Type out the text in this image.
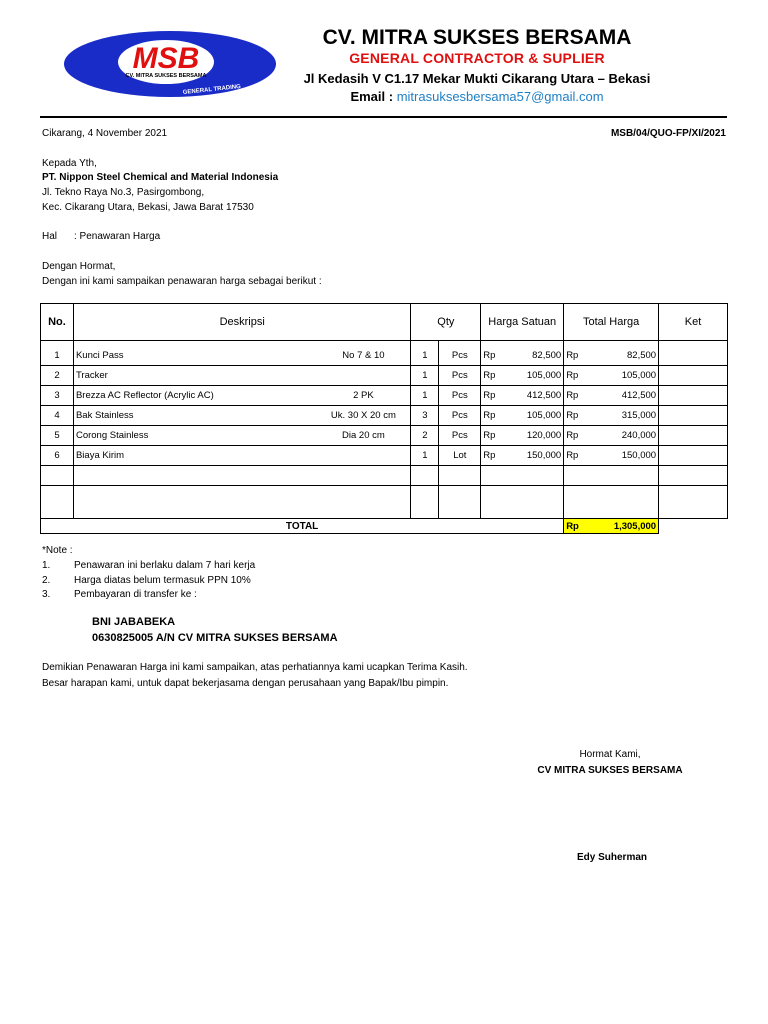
MSB
CV. MITRA SUKSES BERSAMA
GENERAL TRADING
CV. MITRA SUKSES BERSAMA
GENERAL CONTRACTOR & SUPLIER
Jl Kedasih V C1.17 Mekar Mukti Cikarang Utara – Bekasi
Email : mitrasuksesbersama57@gmail.com
Cikarang, 4 November 2021	MSB/04/QUO-FP/XI/2021
Kepada Yth,
PT. Nippon Steel Chemical and Material Indonesia
Jl. Tekno Raya No.3, Pasirgombong,
Kec. Cikarang Utara, Bekasi, Jawa Barat 17530
Hal : Penawaran Harga
Dengan Hormat,
Dengan ini kami sampaikan penawaran harga sebagai berikut :
No.	Deskripsi	Qty		Harga Satuan	Total Harga	Ket
1	Kunci Pass No 7 & 10	1	Pcs	Rp 82,500	Rp 82,500	

2	Tracker	1	Pcs	Rp 105,000	Rp 105,000	

3	Brezza AC Reflector (Acrylic AC) 2 PK	1	Pcs	Rp 412,500	Rp 412,500	

4	Bak Stainless Uk. 30 X 20 cm	3	Pcs	Rp 105,000	Rp 315,000	

5	Corong Stainless Dia 20 cm	2	Pcs	Rp 120,000	Rp 240,000	

6	Biaya Kirim	1	Lot	Rp 150,000	Rp 150,000	

TOTAL					Rp 1,305,000	

*Note :
1. Penawaran ini berlaku dalam 7 hari kerja
2. Harga diatas belum termasuk PPN 10%
3. Pembayaran di transfer ke :
BNI JABABEKA
0630825005 A/N CV MITRA SUKSES BERSAMA
Demikian Penawaran Harga ini kami sampaikan, atas perhatiannya kami ucapkan Terima Kasih.
Besar harapan kami, untuk dapat bekerjasama dengan perusahaan yang Bapak/Ibu pimpin.
Hormat Kami,
CV MITRA SUKSES BERSAMA
Edy Suherman
